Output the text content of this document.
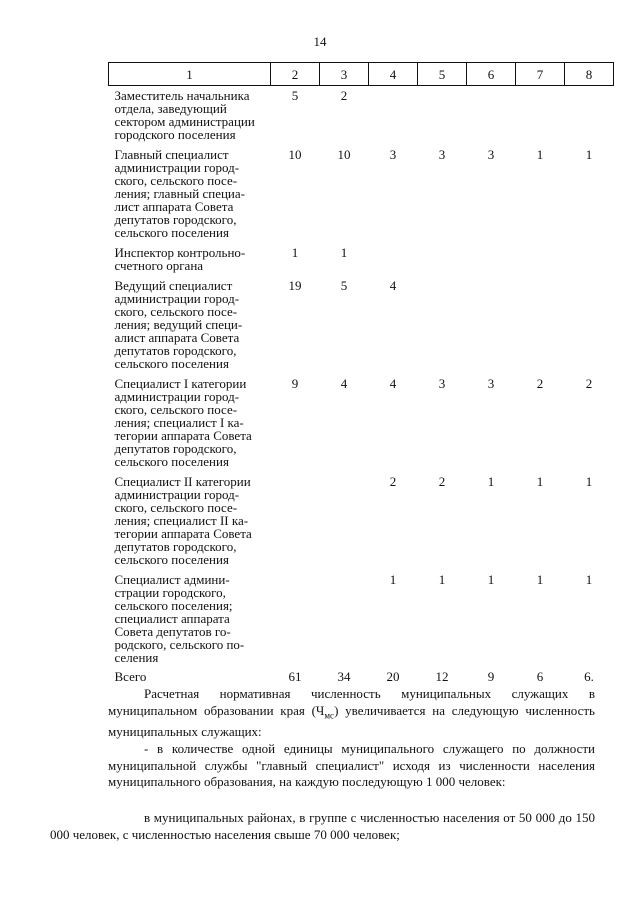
14
1	2	3	4	5	6	7	8
Заместитель начальника отдела, заведующий сектором администрации городского поселения	5	2					
Главный специалист администрации город-ского, сельского посе-ления; главный специа-лист аппарата Совета депутатов городского, сельского поселения	10	10	3	3	3	1	1
Инспектор контрольно-счетного органа	1	1					
Ведущий специалист администрации город-ского, сельского посе-ления; ведущий специ-алист аппарата Совета депутатов городского, сельского поселения	19	5	4				
Специалист I категории администрации город-ского, сельского посе-ления; специалист I ка-тегории аппарата Совета депутатов городского, сельского поселения	9	4	4	3	3	2	2
Специалист II категории администрации город-ского, сельского посе-ления; специалист II ка-тегории аппарата Совета депутатов городского, сельского поселения			2	2	1	1	1
Специалист админи-страции городского, сельского поселения; специалист аппарата Совета депутатов го-родского, сельского по-селения			1	1	1	1	1
Всего	61	34	20	12	9	6	6.

Расчетная нормативная численность муниципальных служащих в муниципальном образовании края $(Ч_{мс})$ увеличивается на следующую численность муниципальных служащих:

- в количестве одной единицы муниципального служащего по должности муниципальной службы "главный специалист" исходя из численности населения муниципального образования, на каждую последующую 1 000 человек:

в муниципальных районах, в группе с численностью населения от 50 000 до 150 000 человек, с численностью населения свыше 70 000 человек;
